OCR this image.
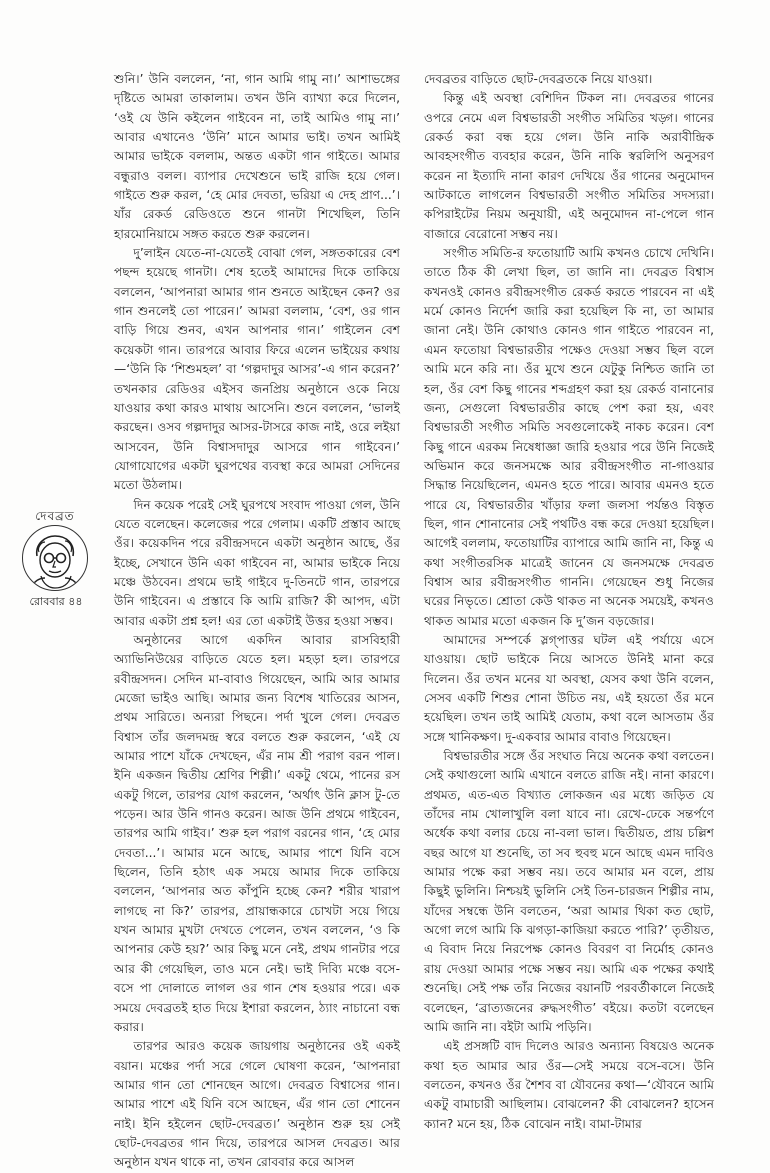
শুনি।’ উনি বললেন, ‘না, গান আমি গামু না।’ আশাভঙ্গের দৃষ্টিতে আমরা তাকালাম। তখন উনি ব্যাখ্যা করে দিলেন, ‘ওই যে উনি কইলেন গাইবেন না, তাই আমিও গামু না।’ আবার এখানেও ‘উনি’ মানে আমার ভাই। তখন আমিই আমার ভাইকে বললাম, অন্তত একটা গান গাইতে। আমার বন্ধুরাও বলল। ব্যাপার দেখেশুনে ভাই রাজি হয়ে গেল। গাইতে শুরু করল, ‘হে মোর দেবতা, ভরিয়া এ দেহ প্রাণ...’। যাঁর রেকর্ড রেডিওতে শুনে গানটা শিখেছিল, তিনি হারমোনিয়ামে সঙ্গত করতে শুরু করলেন।

দু’লাইন যেতে-না-যেতেই বোঝা গেল, সঙ্গতকারের বেশ পছন্দ হয়েছে গানটা। শেষ হতেই আমাদের দিকে তাকিয়ে বললেন, ‘আপনারা আমার গান শুনতে আইছেন কেন? ওর গান শুনলেই তো পারেন।’ আমরা বললাম, ‘বেশ, ওর গান বাড়ি গিয়ে শুনব, এখন আপনার গান।’ গাইলেন বেশ কয়েকটা গান। তারপরে আবার ফিরে এলেন ভাইয়ের কথায়—‘উনি কি ‘শিশুমহল’ বা ‘গল্পদাদুর আসর’-এ গান করেন?’ তখনকার রেডিওর এইসব জনপ্রিয় অনুষ্ঠানে ওকে নিয়ে যাওয়ার কথা কারও মাথায় আসেনি। শুনে বললেন, ‘ভালই করছেন। ওসব গল্পদাদুর আসর-টাসরে কাজ নাই, ওরে লইয়া আসবেন, উনি বিশ্বাসদাদুর আসরে গান গাইবেন।’ যোগাযোগের একটা ঘুরপথের ব্যবস্থা করে আমরা সেদিনের মতো উঠলাম।

দিন কয়েক পরেই সেই ঘুরপথে সংবাদ পাওয়া গেল, উনি যেতে বলেছেন। কলেজের পরে গেলাম। একটি প্রস্তাব আছে ওঁর। কয়েকদিন পরে রবীন্দ্রসদনে একটা অনুষ্ঠান আছে, ওঁর ইচ্ছে, সেখানে উনি একা গাইবেন না, আমার ভাইকে নিয়ে মঞ্চে উঠবেন। প্রথমে ভাই গাইবে দু-তিনটে গান, তারপরে উনি গাইবেন। এ প্রস্তাবে কি আমি রাজি? কী আপদ, এটা আবার একটা প্রশ্ন হল! এর তো একটাই উত্তর হওয়া সম্ভব।

অনুষ্ঠানের আগে একদিন আবার রাসবিহারী অ্যাভিনিউয়ের বাড়িতে যেতে হল। মহড়া হল। তারপরে রবীন্দ্রসদন। সেদিন মা-বাবাও গিয়েছেন, আমি আর আমার মেজো ভাইও আছি। আমার জন্য বিশেষ খাতিরের আসন, প্রথম সারিতে। অন্যরা পিছনে। পর্দা খুলে গেল। দেবব্রত বিশ্বাস তাঁর জলদমন্দ্র স্বরে বলতে শুরু করলেন, ‘এই যে আমার পাশে যাঁকে দেখছেন, এঁর নাম শ্রী পরাগ বরন পাল। ইনি একজন দ্বিতীয় শ্রেণির শিল্পী।’ একটু থেমে, পানের রস একটু গিলে, তারপর যোগ করলেন, ‘অর্থাৎ উনি ক্লাস টু-তে পড়েন। আর উনি গানও করেন। আজ উনি প্রথমে গাইবেন, তারপর আমি গাইব।’ শুরু হল পরাগ বরনের গান, ‘হে মোর দেবতা...’। আমার মনে আছে, আমার পাশে যিনি বসে ছিলেন, তিনি হঠাৎ এক সময়ে আমার দিকে তাকিয়ে বললেন, ‘আপনার অত কাঁপুনি হচ্ছে কেন? শরীর খারাপ লাগছে না কি?’ তারপর, প্রায়ান্ধকারে চোখটা সয়ে গিয়ে যখন আমার মুখটা দেখতে পেলেন, তখন বললেন, ‘ও কি আপনার কেউ হয়?’ আর কিছু মনে নেই, প্রথম গানটার পরে আর কী গেয়েছিল, তাও মনে নেই। ভাই দিব্যি মঞ্চে বসে-বসে পা দোলাতে লাগল ওর গান শেষ হওয়ার পরে। এক সময়ে দেবব্রতই হাত দিয়ে ইশারা করলেন, ঠ্যাং নাচানো বন্ধ করার।

তারপর আরও কয়েক জায়গায় অনুষ্ঠানের ওই একই বয়ান। মঞ্চের পর্দা সরে গেলে ঘোষণা করেন, ‘আপনারা আমার গান তো শোনছেন আগে। দেবব্রত বিশ্বাসের গান। আমার পাশে এই যিনি বসে আছেন, এঁর গান তো শোনেন নাই। ইনি হইলেন ছোট-দেবব্রত।’ অনুষ্ঠান শুরু হয় সেই ছোট-দেবব্রতর গান দিয়ে, তারপরে আসল দেবব্রত। আর অনুষ্ঠান যখন থাকে না, তখন রোববার করে আসল

দেবব্রতর বাড়িতে ছোট-দেবব্রতকে নিয়ে যাওয়া।

কিন্তু এই অবস্থা বেশিদিন টিকল না। দেবব্রতর গানের ওপরে নেমে এল বিশ্বভারতী সংগীত সমিতির খড়্গ। গানের রেকর্ড করা বন্ধ হয়ে গেল। উনি নাকি অরাবীন্দ্রিক আবহসংগীত ব্যবহার করেন, উনি নাকি স্বরলিপি অনুসরণ করেন না ইত্যাদি নানা কারণ দেখিয়ে ওঁর গানের অনুমোদন আটকাতে লাগলেন বিশ্বভারতী সংগীত সমিতির সদস্যরা। কপিরাইটের নিয়ম অনুযায়ী, এই অনুমোদন না-পেলে গান বাজারে বেরোনো সম্ভব নয়।

সংগীত সমিতি-র ফতোয়াটি আমি কখনও চোখে দেখিনি। তাতে ঠিক কী লেখা ছিল, তা জানি না। দেবব্রত বিশ্বাস কখনওই কোনও রবীন্দ্রসংগীত রেকর্ড করতে পারবেন না এই মর্মে কোনও নির্দেশ জারি করা হয়েছিল কি না, তা আমার জানা নেই। উনি কোথাও কোনও গান গাইতে পারবেন না, এমন ফতোয়া বিশ্বভারতীর পক্ষেও দেওয়া সম্ভব ছিল বলে আমি মনে করি না। ওঁর মুখে শুনে যেটুকু নিশ্চিত জানি তা হল, ওঁর বেশ কিছু গানের শব্দগ্রহণ করা হয় রেকর্ড বানানোর জন্য, সেগুলো বিশ্বভারতীর কাছে পেশ করা হয়, এবং বিশ্বভারতী সংগীত সমিতি সবগুলোকেই নাকচ করেন। বেশ কিছু গানে এরকম নিষেধাজ্ঞা জারি হওয়ার পরে উনি নিজেই অভিমান করে জনসমক্ষে আর রবীন্দ্রসংগীত না-গাওয়ার সিদ্ধান্ত নিয়েছিলেন, এমনও হতে পারে। আবার এমনও হতে পারে যে, বিশ্বভারতীর খাঁড়ার ফলা জলসা পর্যন্তও বিস্তৃত ছিল, গান শোনানোর সেই পথটিও বন্ধ করে দেওয়া হয়েছিল। আগেই বললাম, ফতোয়াটির ব্যাপারে আমি জানি না, কিন্তু এ কথা সংগীতরসিক মাত্রেই জানেন যে জনসমক্ষে দেবব্রত বিশ্বাস আর রবীন্দ্রসংগীত গাননি। গেয়েছেন শুধু নিজের ঘরের নিভৃতে। শ্রোতা কেউ থাকত না অনেক সময়েই, কখনও থাকত আমার মতো একজন কি দু’জন বড়জোর।

আমাদের সম্পর্কে স্লগ্‌পাত্তর ঘটল এই পর্যায়ে এসে যাওয়ায়। ছোট ভাইকে নিয়ে আসতে উনিই মানা করে দিলেন। ওঁর তখন মনের যা অবস্থা, যেসব কথা উনি বলেন, সেসব একটি শিশুর শোনা উচিত নয়, এই হয়তো ওঁর মনে হয়েছিল। তখন তাই আমিই যেতাম, কথা বলে আসতাম ওঁর সঙ্গে খানিকক্ষণ। দু-একবার আমার বাবাও গিয়েছেন।

বিশ্বভারতীর সঙ্গে ওঁর সংঘাত নিয়ে অনেক কথা বলতেন। সেই কথাগুলো আমি এখানে বলতে রাজি নই। নানা কারণে। প্রথমত, এত-এত বিখ্যাত লোকজন এর মধ্যে জড়িত যে তাঁদের নাম খোলাখুলি বলা যাবে না। রেখে-ঢেকে সন্তর্পণে অর্ধেক কথা বলার চেয়ে না-বলা ভাল। দ্বিতীয়ত, প্রায় চল্লিশ বছর আগে যা শুনেছি, তা সব হুবহু মনে আছে এমন দাবিও আমার পক্ষে করা সম্ভব নয়। তবে আমার মন বলে, প্রায় কিছুই ভুলিনি। নিশ্চয়ই ভুলিনি সেই তিন-চারজন শিল্পীর নাম, যাঁদের সম্বন্ধে উনি বলতেন, ‘অরা আমার থিকা কত ছোট, অগো লগে আমি কি ঝগড়া-কাজিয়া করতে পারি?’ তৃতীয়ত, এ বিবাদ নিয়ে নিরপেক্ষ কোনও বিবরণ বা নির্মোহ কোনও রায় দেওয়া আমার পক্ষে সম্ভব নয়। আমি এক পক্ষের কথাই শুনেছি। সেই পক্ষ তাঁর নিজের বয়ানটি পরবর্তীকালে নিজেই বলেছেন, ‘ব্রাত্যজনের রুদ্ধসংগীত’ বইয়ে। কতটা বলেছেন আমি জানি না। বইটা আমি পড়িনি।

এই প্রসঙ্গটি বাদ দিলেও আরও অন্যান্য বিষয়েও অনেক কথা হত আমার আর ওঁর—সেই সময়ে বসে-বসে। উনি বলতেন, কখনও ওঁর শৈশব বা যৌবনের কথা—‘যৌবনে আমি একটু বামাচারী আছিলাম। বোঝলেন? কী বোঝলেন? হাসেন ক্যান? মনে হয়, ঠিক বোঝেন নাই। বামা-টামার

দেবব্রত
রোববার ৪৪
